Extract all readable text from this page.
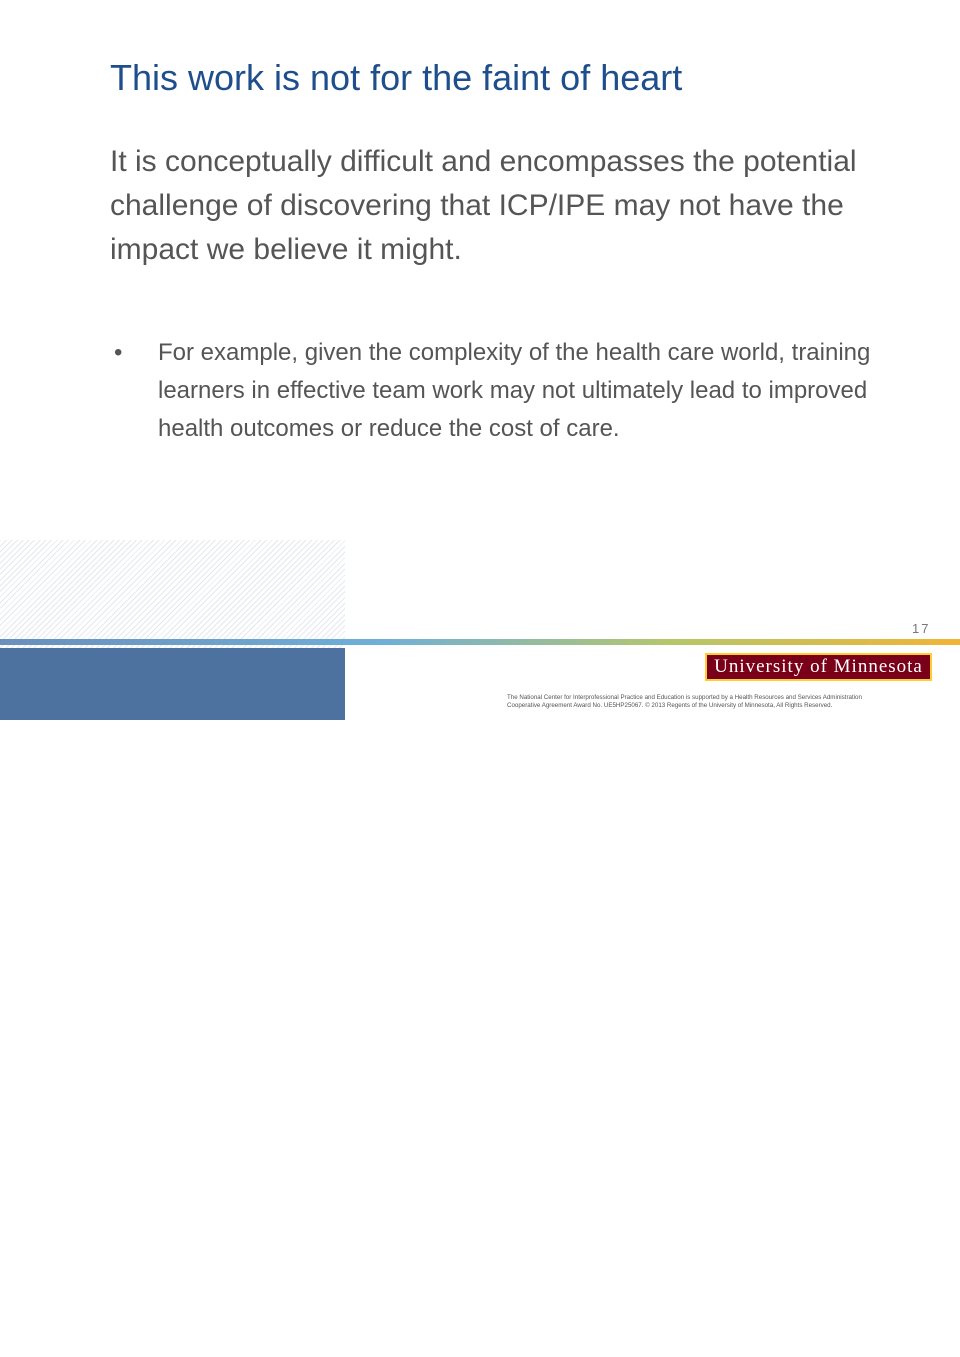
This work is not for the faint of heart
It is conceptually difficult and encompasses the potential challenge of discovering that ICP/IPE may not have the impact we believe it might.
• For example, given the complexity of the health care world, training learners in effective team work may not ultimately lead to improved health outcomes or reduce the cost of care.
17
National Center for Interprofessional Practice and Education
University of Minnesota
The National Center for Interprofessional Practice and Education is supported by a Health Resources and Services Administration
Cooperative Agreement Award No. UE5HP25067. © 2013 Regents of the University of Minnesota, All Rights Reserved.
